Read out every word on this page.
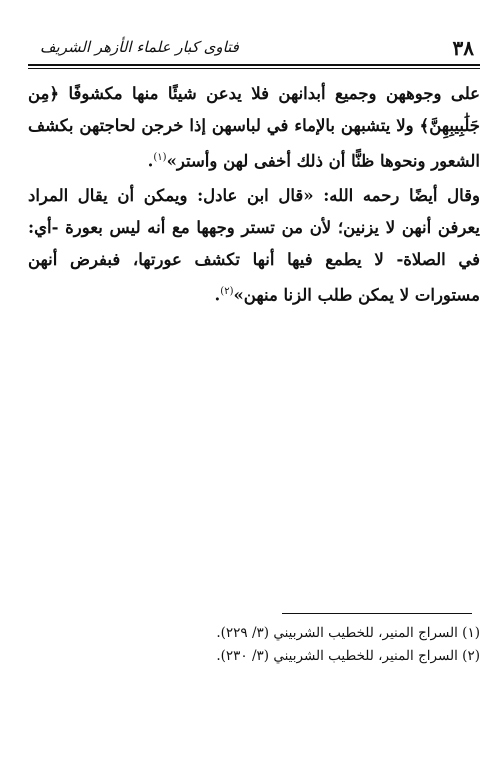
٣٨
فتاوى كبار علماء الأزهر الشريف

على وجوههن وجميع أبدانهن فلا يدعن شيئًا منها مكشوفًا ﴿مِن جَلَٰبِيبِهِنَّ﴾ ولا يتشبهن بالإماء في لباسهن إذا خرجن لحاجتهن بكشف الشعور ونحوها ظنًّا أن ذلك أخفى لهن وأستر»$^{(١)}$.

وقال أيضًا رحمه الله: «قال ابن عادل: ويمكن أن يقال المراد يعرفن أنهن لا يزنين؛ لأن من تستر وجهها مع أنه ليس بعورة -أي: في الصلاة- لا يطمع فيها أنها تكشف عورتها، فبفرض أنهن مستورات لا يمكن طلب الزنا منهن»$^{(٢)}$.

(١) السراج المنير، للخطيب الشربيني (٣/ ٢٢٩).

(٢) السراج المنير، للخطيب الشربيني (٣/ ٢٣٠).
